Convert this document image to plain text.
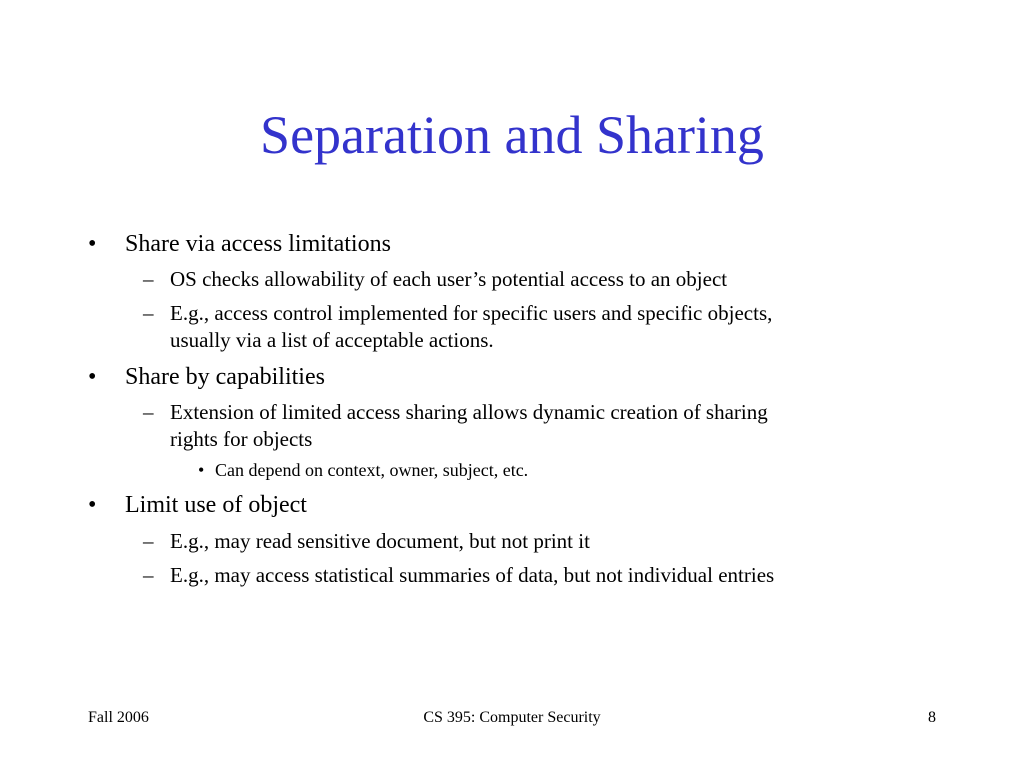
Separation and Sharing
• Share via access limitations
– OS checks allowability of each user’s potential access to an object
– E.g., access control implemented for specific users and specific objects,
usually via a list of acceptable actions.
• Share by capabilities
– Extension of limited access sharing allows dynamic creation of sharing
rights for objects
• Can depend on context, owner, subject, etc.
• Limit use of object
– E.g., may read sensitive document, but not print it
– E.g., may access statistical summaries of data, but not individual entries
Fall 2006	CS 395: Computer Security	8
